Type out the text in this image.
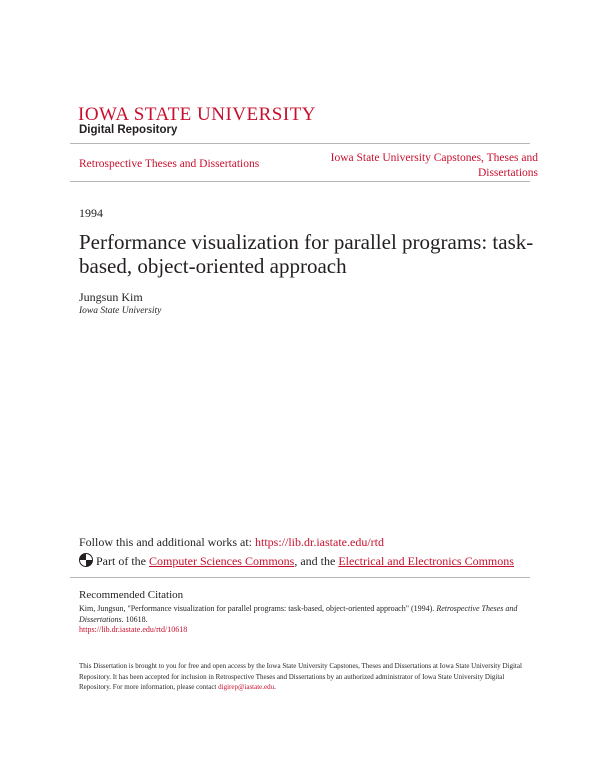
IOWA STATE UNIVERSITY
Digital Repository
Retrospective Theses and Dissertations	Iowa State University Capstones, Theses and Dissertations
1994
Performance visualization for parallel programs: task-based, object-oriented approach
Jungsun Kim
Iowa State University
Follow this and additional works at: https://lib.dr.iastate.edu/rtd
Part of the Computer Sciences Commons, and the Electrical and Electronics Commons
Recommended Citation
Kim, Jungsun, "Performance visualization for parallel programs: task-based, object-oriented approach" (1994). Retrospective Theses and Dissertations. 10618.
https://lib.dr.iastate.edu/rtd/10618
This Dissertation is brought to you for free and open access by the Iowa State University Capstones, Theses and Dissertations at Iowa State University Digital Repository. It has been accepted for inclusion in Retrospective Theses and Dissertations by an authorized administrator of Iowa State University Digital Repository. For more information, please contact digirep@iastate.edu.
